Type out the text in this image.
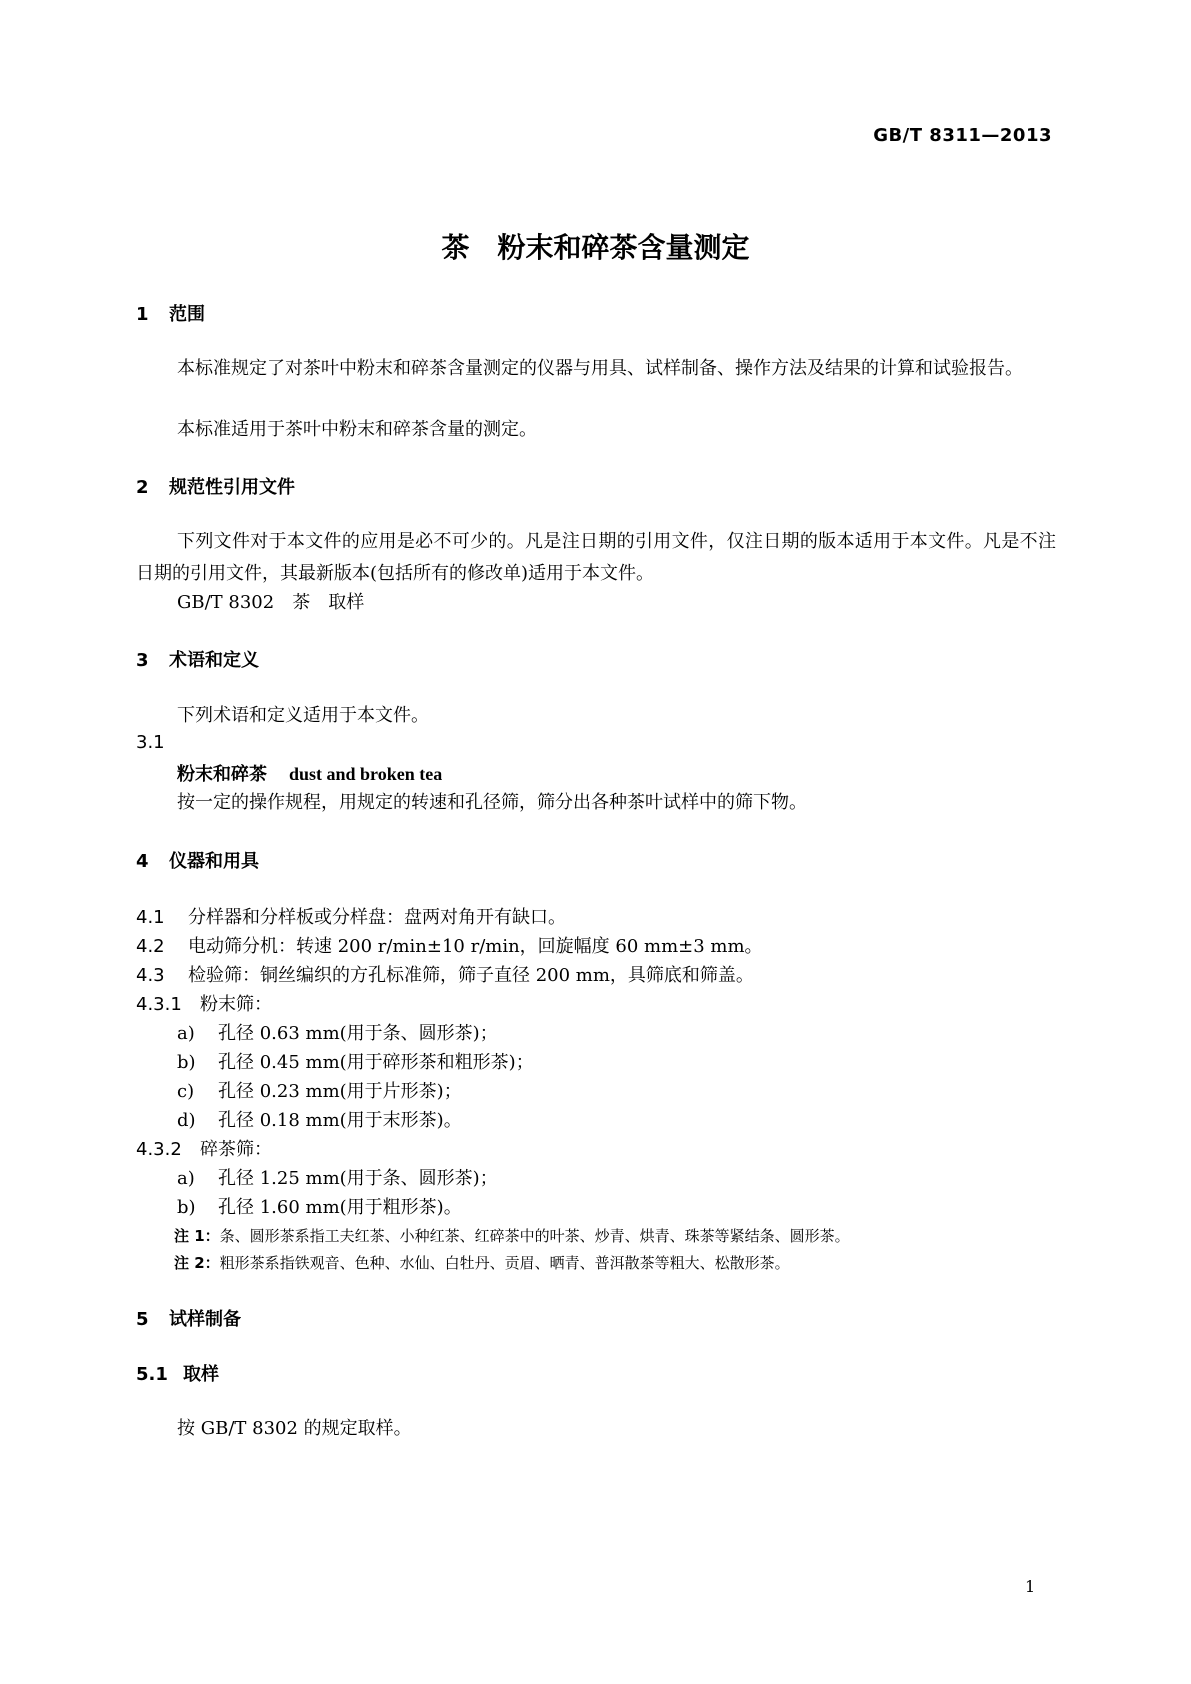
GB/T 8311—2013
茶　粉末和碎茶含量测定
1 范围
本标准规定了对茶叶中粉末和碎茶含量测定的仪器与用具、试样制备、操作方法及结果的计算和试验报告。
本标准适用于茶叶中粉末和碎茶含量的测定。
2 规范性引用文件
下列文件对于本文件的应用是必不可少的。凡是注日期的引用文件，仅注日期的版本适用于本文件。凡是不注日期的引用文件，其最新版本(包括所有的修改单)适用于本文件。
GB/T 8302　茶　取样
3 术语和定义
下列术语和定义适用于本文件。
3.1
粉末和碎茶 dust and broken tea
按一定的操作规程，用规定的转速和孔径筛，筛分出各种茶叶试样中的筛下物。
4 仪器和用具
4.1 分样器和分样板或分样盘：盘两对角开有缺口。
4.2 电动筛分机：转速 200 r/min±10 r/min，回旋幅度 60 mm±3 mm。
4.3 检验筛：铜丝编织的方孔标准筛，筛子直径 200 mm，具筛底和筛盖。
4.3.1 粉末筛：
a) 孔径 0.63 mm(用于条、圆形茶)；
b) 孔径 0.45 mm(用于碎形茶和粗形茶)；
c) 孔径 0.23 mm(用于片形茶)；
d) 孔径 0.18 mm(用于末形茶)。
4.3.2 碎茶筛：
a) 孔径 1.25 mm(用于条、圆形茶)；
b) 孔径 1.60 mm(用于粗形茶)。
注 1：条、圆形茶系指工夫红茶、小种红茶、红碎茶中的叶茶、炒青、烘青、珠茶等紧结条、圆形茶。
注 2：粗形茶系指铁观音、色种、水仙、白牡丹、贡眉、晒青、普洱散茶等粗大、松散形茶。
5 试样制备
5.1 取样
按 GB/T 8302 的规定取样。
1
